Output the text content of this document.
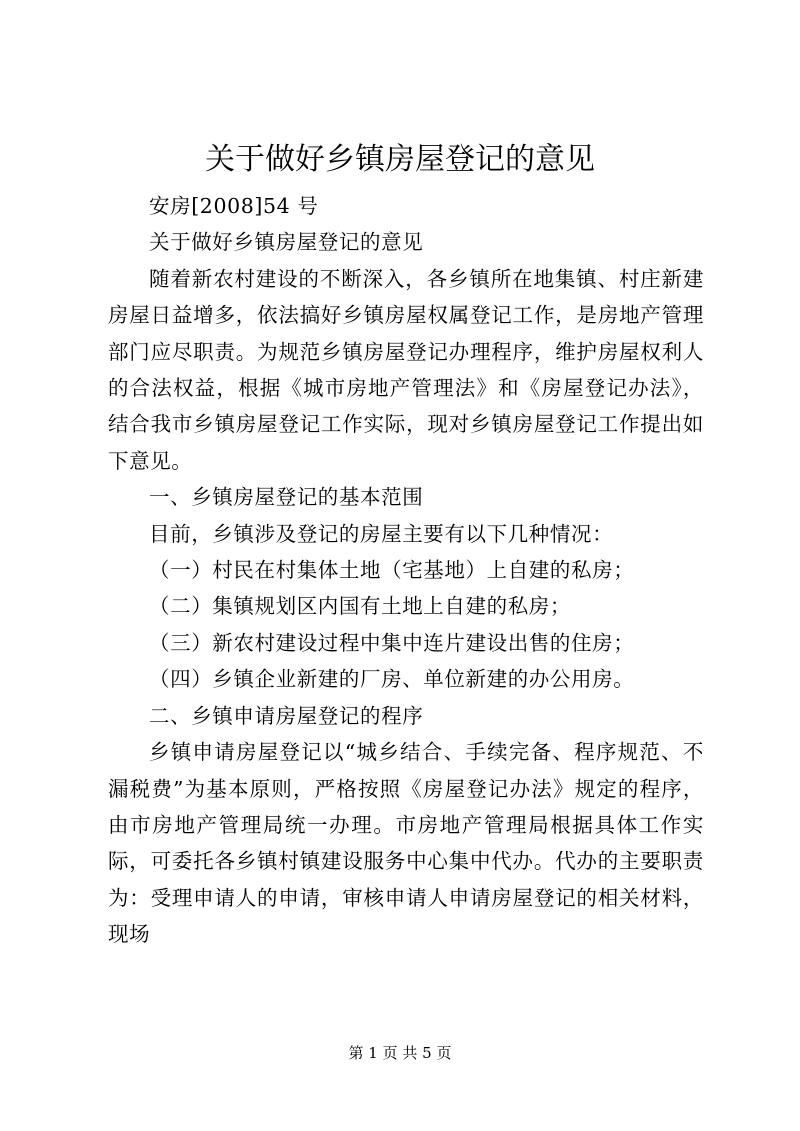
关于做好乡镇房屋登记的意见

安房[2008]54 号

关于做好乡镇房屋登记的意见

随着新农村建设的不断深入，各乡镇所在地集镇、村庄新建房屋日益增多，依法搞好乡镇房屋权属登记工作，是房地产管理部门应尽职责。为规范乡镇房屋登记办理程序，维护房屋权利人的合法权益，根据《城市房地产管理法》和《房屋登记办法》，结合我市乡镇房屋登记工作实际，现对乡镇房屋登记工作提出如下意见。

一、乡镇房屋登记的基本范围

目前，乡镇涉及登记的房屋主要有以下几种情况：

（一）村民在村集体土地（宅基地）上自建的私房；

（二）集镇规划区内国有土地上自建的私房；

（三）新农村建设过程中集中连片建设出售的住房；

（四）乡镇企业新建的厂房、单位新建的办公用房。

二、乡镇申请房屋登记的程序

乡镇申请房屋登记以“城乡结合、手续完备、程序规范、不漏税费”为基本原则，严格按照《房屋登记办法》规定的程序，由市房地产管理局统一办理。市房地产管理局根据具体工作实际，可委托各乡镇村镇建设服务中心集中代办。代办的主要职责为：受理申请人的申请，审核申请人申请房屋登记的相关材料，现场

第 1 页 共 5 页
